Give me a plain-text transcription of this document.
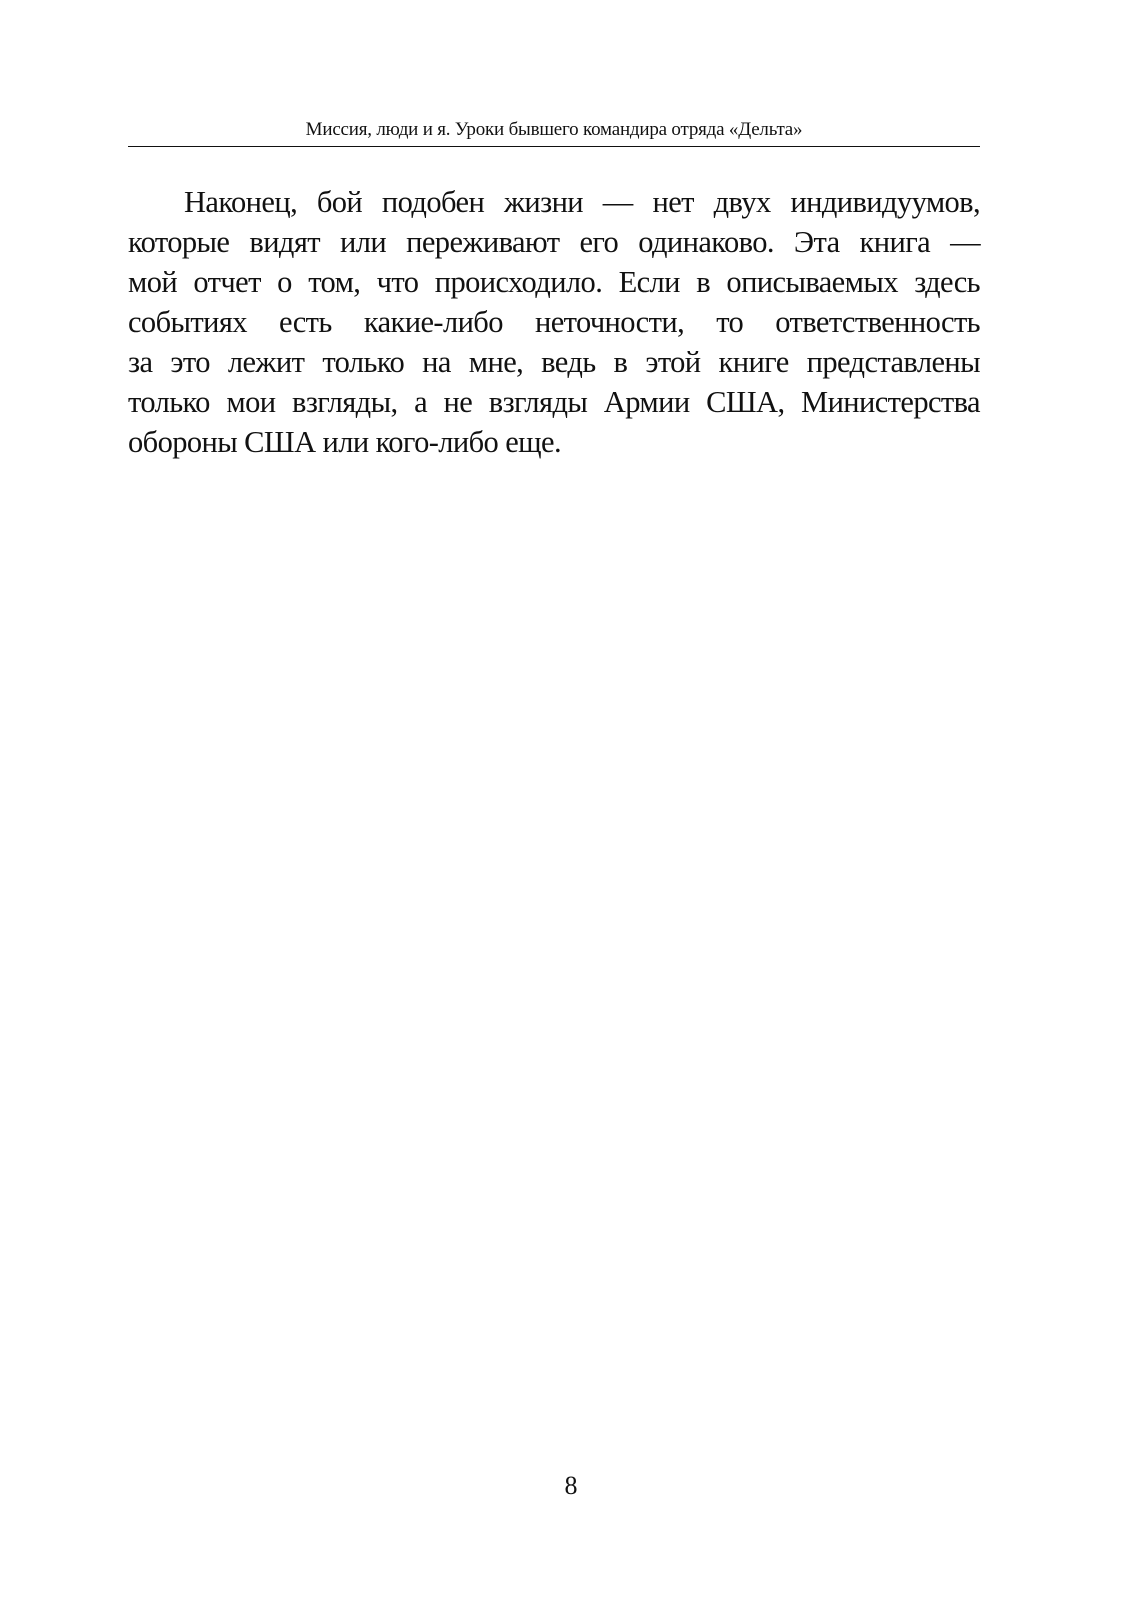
Миссия, люди и я. Уроки бывшего командира отряда «Дельта»
Наконец, бой подобен жизни — нет двух индивидуумов,
которые видят или переживают его одинаково. Эта книга —
мой отчет о том, что происходило. Если в описываемых здесь
событиях есть какие-либо неточности, то ответственность
за это лежит только на мне, ведь в этой книге представлены
только мои взгляды, а не взгляды Армии США, Министерства
обороны США или кого-либо еще.
8
